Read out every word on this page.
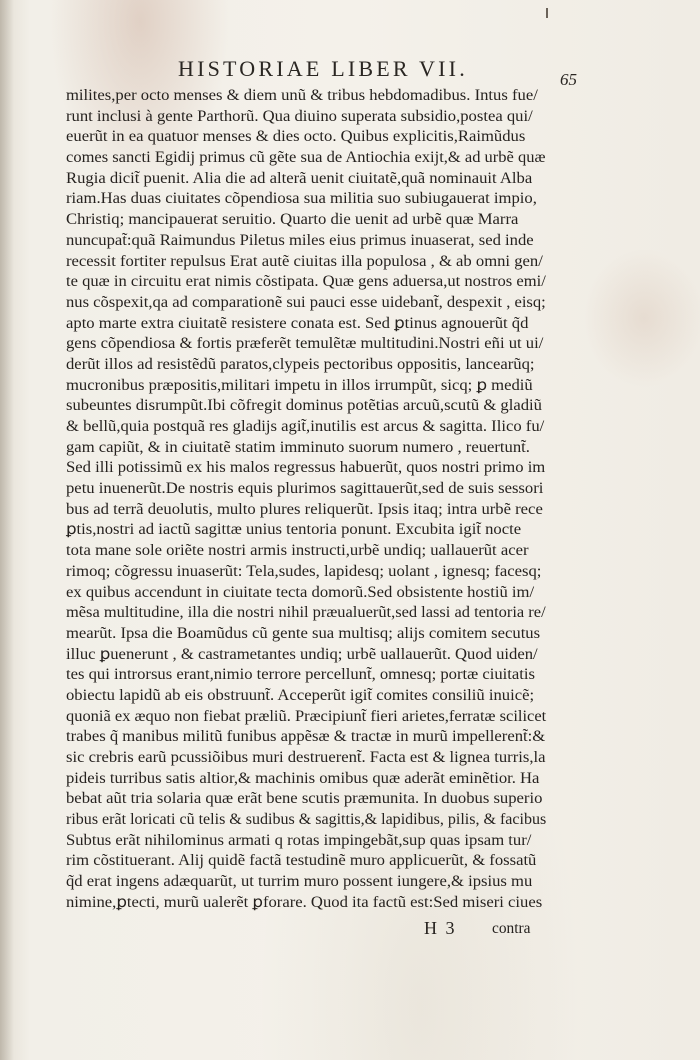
HISTORIAE LIBER VII.	65
milites,per octo menses & diem unũ & tribus hebdomadibus. Intus fue/
runt inclusi à gente Parthorũ. Qua diuino superata subsidio,postea qui/
euerũt in ea quatuor menses & dies octo. Quibus explicitis,Raimũdus
comes sancti Egidij primus cũ gẽte sua de Antiochia exijt,& ad urbẽ quæ
Rugia dicit̃ puenit. Alia die ad alterã uenit ciuitatẽ,quã nominauit Alba
riam.Has duas ciuitates cõpendiosa sua militia suo subiugauerat impio,
Christiq; mancipauerat seruitio. Quarto die uenit ad urbẽ quæ Marra
nuncupat̃:quã Raimundus Piletus miles eius primus inuaserat, sed inde
recessit fortiter repulsus Erat autẽ ciuitas illa populosa , & ab omni gen/
te quæ in circuitu erat nimis cõstipata. Quæ gens aduersa,ut nostros emi/
nus cõspexit,qa ad comparationẽ sui pauci esse uidebant̃, despexit , eisq;
apto marte extra ciuitatẽ resistere conata est. Sed ꝑtinus agnouerũt q̃d
gens cõpendiosa & fortis præferẽt temulẽtæ multitudini.Nostri eñi ut ui/
derũt illos ad resistẽdũ paratos,clypeis pectoribus oppositis, lancearũq;
mucronibus præpositis,militari impetu in illos irrumpũt, sicq; ꝑ mediũ
subeuntes disrumpũt.Ibi cõfregit dominus potẽtias arcuũ,scutũ & gladiũ
& bellũ,quia postquã res gladijs agit̃,inutilis est arcus & sagitta. Ilico fu/
gam capiũt, & in ciuitatẽ statim imminuto suorum numero , reuertunt̃.
Sed illi potissimũ ex his malos regressus habuerũt, quos nostri primo im
petu inuenerũt.De nostris equis plurimos sagittauerũt,sed de suis sessori
bus ad terrã deuolutis, multo plures reliquerũt. Ipsis itaq; intra urbẽ rece
ꝑtis,nostri ad iactũ sagittæ unius tentoria ponunt. Excubita igit̃ nocte
tota mane sole oriẽte nostri armis instructi,urbẽ undiq; uallauerũt acer
rimoq; cõgressu inuaserũt: Tela,sudes, lapidesq; uolant , ignesq; facesq;
ex quibus accendunt in ciuitate tecta domorũ.Sed obsistente hostiũ im/
mẽsa multitudine, illa die nostri nihil præualuerũt,sed lassi ad tentoria re/
mearũt. Ipsa die Boamũdus cũ gente sua multisq; alijs comitem secutus
illuc ꝑuenerunt , & castrametantes undiq; urbẽ uallauerũt. Quod uiden/
tes qui introrsus erant,nimio terrore percellunt̃, omnesq; portæ ciuitatis
obiectu lapidũ ab eis obstruunt̃. Acceperũt igit̃ comites consiliũ inuicẽ;
quoniã ex æquo non fiebat præliũ. Præcipiunt̃ fieri arietes,ferratæ scilicet
trabes q̃ manibus militũ funibus appẽsæ & tractæ in murũ impellerent̃:&
sic crebris earũ pcussiõibus muri destruerent̃. Facta est & lignea turris,la
pideis turribus satis altior,& machinis omibus quæ aderãt eminẽtior. Ha
bebat aũt tria solaria quæ erãt bene scutis præmunita. In duobus superio
ribus erãt loricati cũ telis & sudibus & sagittis,& lapidibus, pilis, & facibus
Subtus erãt nihilominus armati q rotas impingebãt,sup quas ipsam tur/
rim cõstituerant. Alij quidẽ factã testudinẽ muro applicuerũt, & fossatũ
q̃d erat ingens adæquarũt, ut turrim muro possent iungere,& ipsius mu
nimine,ꝑtecti, murũ ualerẽt ꝑforare. Quod ita factũ est:Sed miseri ciues
H 3 contra
